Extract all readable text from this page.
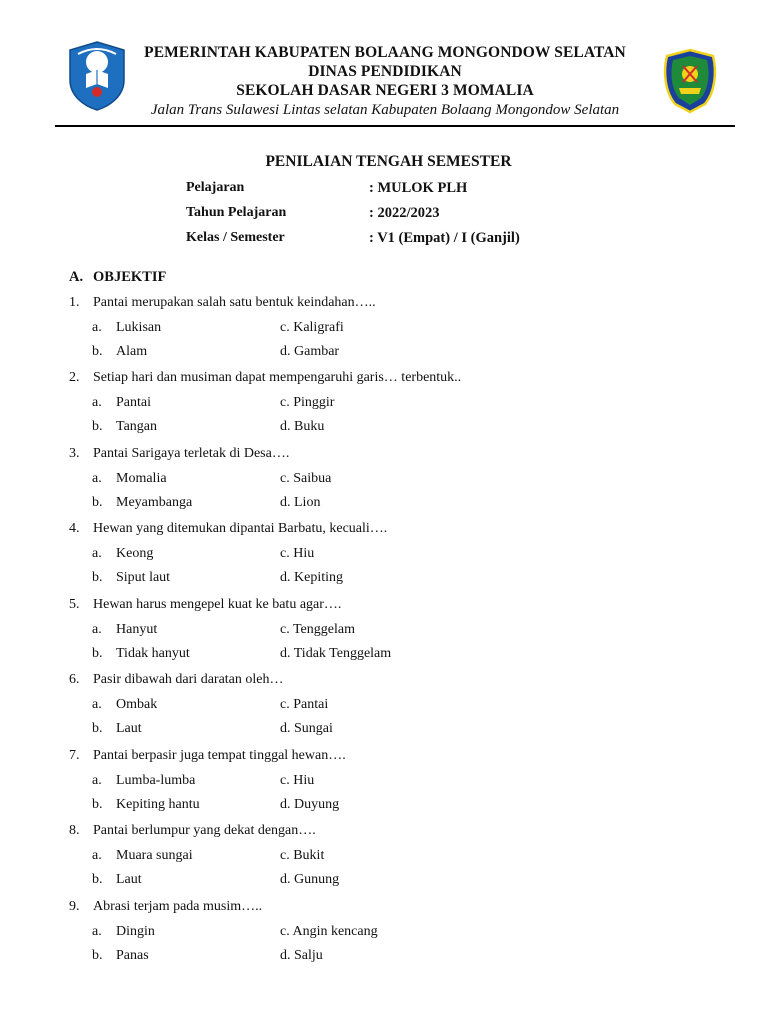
PEMERINTAH KABUPATEN BOLAANG MONGONDOW SELATAN
DINAS PENDIDIKAN
SEKOLAH DASAR NEGERI 3 MOMALIA
Jalan Trans Sulawesi Lintas selatan Kabupaten Bolaang Mongondow Selatan
PENILAIAN TENGAH SEMESTER
Pelajaran	: MULOK PLH
Tahun Pelajaran	: 2022/2023
Kelas / Semester	: V1 (Empat) / I (Ganjil)
A. OBJEKTIF
1. Pantai merupakan salah satu bentuk keindahan…..
a. Lukisan	c. Kaligrafi
b. Alam	d. Gambar
2. Setiap hari dan musiman dapat mempengaruhi garis… terbentuk..
a. Pantai	c. Pinggir
b. Tangan	d. Buku
3. Pantai Sarigaya terletak di Desa….
a. Momalia	c. Saibua
b. Meyambanga	d. Lion
4. Hewan yang ditemukan dipantai Barbatu, kecuali….
a. Keong	c. Hiu
b. Siput laut	d. Kepiting
5. Hewan harus mengepel kuat ke batu agar….
a. Hanyut	c. Tenggelam
b. Tidak hanyut	d. Tidak Tenggelam
6. Pasir dibawah dari daratan oleh…
a. Ombak	c. Pantai
b. Laut	d. Sungai
7. Pantai berpasir juga tempat tinggal hewan….
a. Lumba-lumba	c. Hiu
b. Kepiting hantu	d. Duyung
8. Pantai berlumpur yang dekat dengan….
a. Muara sungai	c. Bukit
b. Laut	d. Gunung
9. Abrasi terjam pada musim…..
a. Dingin	c. Angin kencang
b. Panas	d. Salju
